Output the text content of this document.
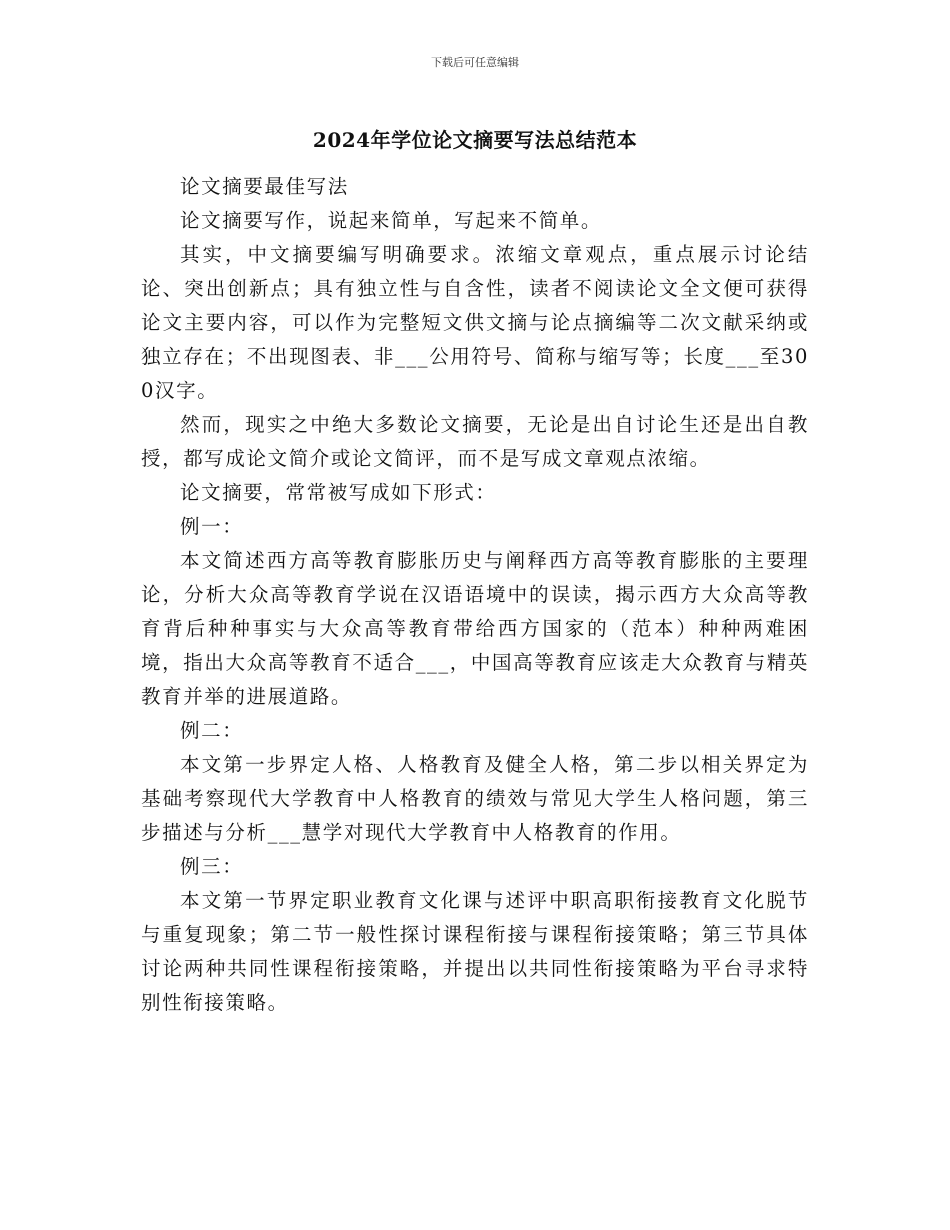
下载后可任意编辑
2024年学位论文摘要写法总结范本

论文摘要最佳写法

论文摘要写作，说起来简单，写起来不简单。

其实，中文摘要编写明确要求。浓缩文章观点，重点展示讨论结论、突出创新点；具有独立性与自含性，读者不阅读论文全文便可获得论文主要内容，可以作为完整短文供文摘与论点摘编等二次文献采纳或独立存在；不出现图表、非___公用符号、简称与缩写等；长度___至300汉字。

然而，现实之中绝大多数论文摘要，无论是出自讨论生还是出自教授，都写成论文简介或论文简评，而不是写成文章观点浓缩。

论文摘要，常常被写成如下形式：

例一：

本文简述西方高等教育膨胀历史与阐释西方高等教育膨胀的主要理论，分析大众高等教育学说在汉语语境中的误读，揭示西方大众高等教育背后种种事实与大众高等教育带给西方国家的（范本）种种两难困境，指出大众高等教育不适合___，中国高等教育应该走大众教育与精英教育并举的进展道路。

例二：

本文第一步界定人格、人格教育及健全人格，第二步以相关界定为基础考察现代大学教育中人格教育的绩效与常见大学生人格问题，第三步描述与分析___慧学对现代大学教育中人格教育的作用。

例三：

本文第一节界定职业教育文化课与述评中职高职衔接教育文化脱节与重复现象；第二节一般性探讨课程衔接与课程衔接策略；第三节具体讨论两种共同性课程衔接策略，并提出以共同性衔接策略为平台寻求特别性衔接策略。
